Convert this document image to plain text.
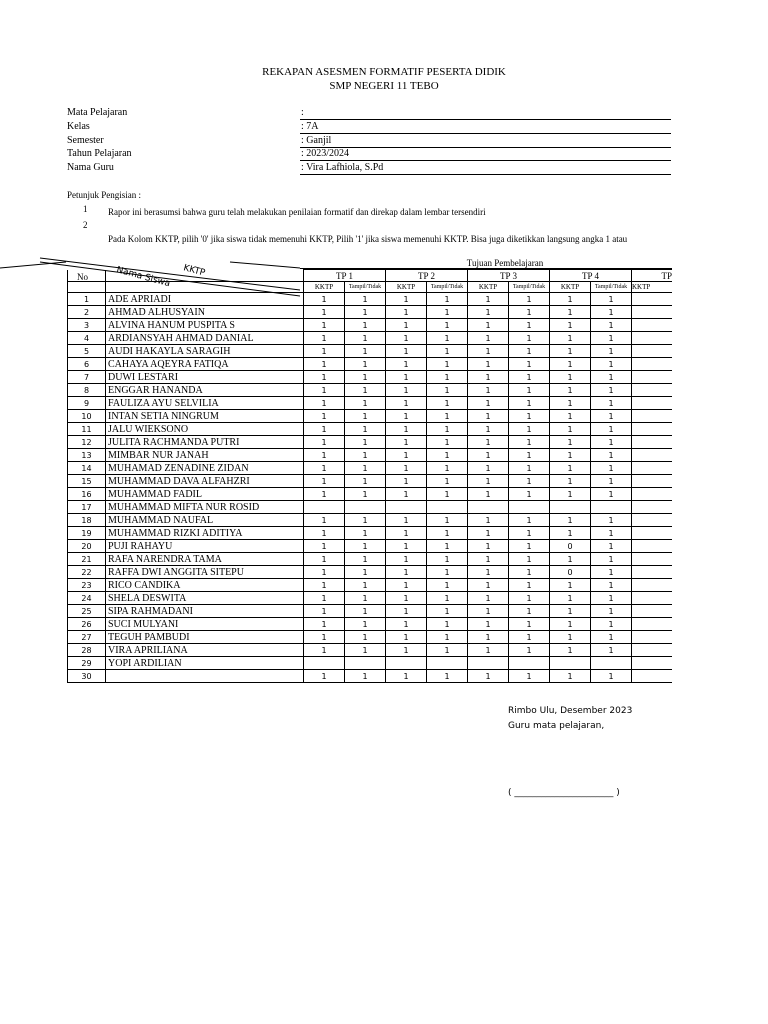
REKAPAN ASESMEN FORMATIF PESERTA DIDIK
SMP NEGERI 11 TEBO
Mata Pelajaran	:
Kelas	: 7A
Semester	: Ganjil
Tahun Pelajaran	: 2023/2024
Nama Guru	: Vira Lafhiola, S.Pd
Petunjuk Pengisian :
1 Rapor ini berasumsi bahwa guru telah melakukan penilaian formatif dan direkap dalam lembar tersendiri
2
Pada Kolom KKTP, pilih '0' jika siswa tidak memenuhi KKTP, Pilih '1' jika siswa memenuhi KKTP. Bisa juga diketikkan langsung angka 1 atau
No	Nama Siswa KKTP
Tujuan Pembelajaran
		TP 1		TP 2		TP 3		TP 4		TP
		KKTP	Tampil/Tidak	KKTP	Tampil/Tidak	KKTP	Tampil/Tidak	KKTP	Tampil/Tidak	KKTP
1	ADE APRIADI	1	1	1	1	1	1	1	1	
2	AHMAD ALHUSYAIN	1	1	1	1	1	1	1	1	
3	ALVINA HANUM PUSPITA S	1	1	1	1	1	1	1	1	
4	ARDIANSYAH AHMAD DANIAL	1	1	1	1	1	1	1	1	
5	AUDI HAKAYLA SARAGIH	1	1	1	1	1	1	1	1	
6	CAHAYA AQEYRA FATIQA	1	1	1	1	1	1	1	1	
7	DUWI LESTARI	1	1	1	1	1	1	1	1	
8	ENGGAR HANANDA	1	1	1	1	1	1	1	1	
9	FAULIZA AYU SELVILIA	1	1	1	1	1	1	1	1	
10	INTAN SETIA NINGRUM	1	1	1	1	1	1	1	1	
11	JALU WIEKSONO	1	1	1	1	1	1	1	1	
12	JULITA RACHMANDA PUTRI	1	1	1	1	1	1	1	1	
13	MIMBAR NUR JANAH	1	1	1	1	1	1	1	1	
14	MUHAMAD ZENADINE ZIDAN	1	1	1	1	1	1	1	1	
15	MUHAMMAD DAVA ALFAHZRI	1	1	1	1	1	1	1	1	
16	MUHAMMAD FADIL	1	1	1	1	1	1	1	1	
17	MUHAMMAD MIFTA NUR ROSID									
18	MUHAMMAD NAUFAL	1	1	1	1	1	1	1	1	
19	MUHAMMAD RIZKI ADITIYA	1	1	1	1	1	1	1	1	
20	PUJI RAHAYU	1	1	1	1	1	1	0	1	
21	RAFA NARENDRA TAMA	1	1	1	1	1	1	1	1	
22	RAFFA DWI ANGGITA SITEPU	1	1	1	1	1	1	0	1	
23	RICO CANDIKA	1	1	1	1	1	1	1	1	
24	SHELA DESWITA	1	1	1	1	1	1	1	1	
25	SIPA RAHMADANI	1	1	1	1	1	1	1	1	
26	SUCI MULYANI	1	1	1	1	1	1	1	1	
27	TEGUH PAMBUDI	1	1	1	1	1	1	1	1	
28	VIRA APRILIANA	1	1	1	1	1	1	1	1	
29	YOPI ARDILIAN									
30		1	1	1	1	1	1	1	1	
Rimbo Ulu, Desember 2023
Guru mata pelajaran,
( ______________________ )
